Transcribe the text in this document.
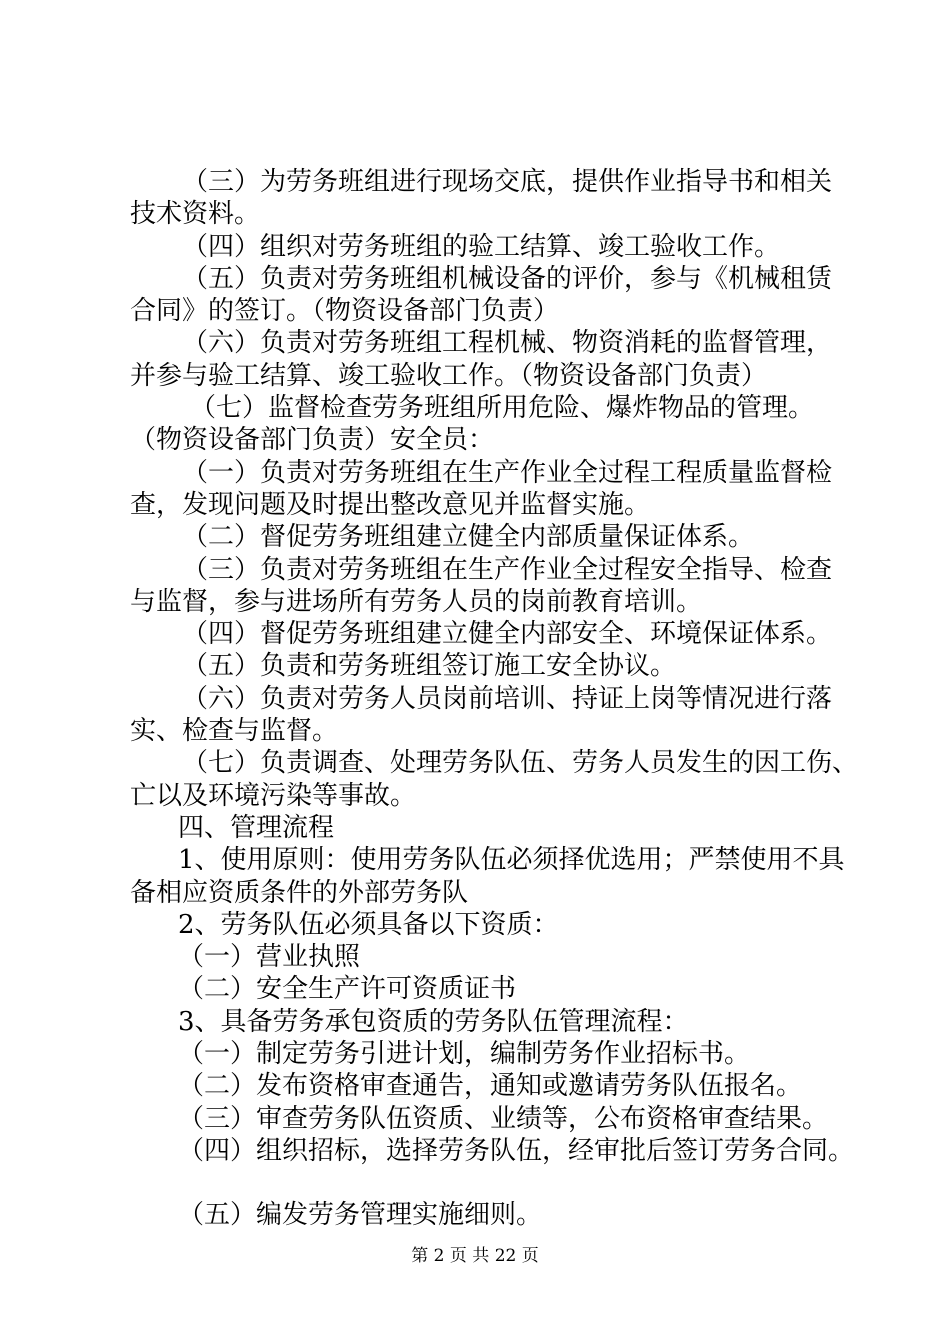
（三）为劳务班组进行现场交底，提供作业指导书和相关
技术资料。
（四）组织对劳务班组的验工结算、竣工验收工作。
（五）负责对劳务班组机械设备的评价，参与《机械租赁
合同》的签订。（物资设备部门负责）
（六）负责对劳务班组工程机械、物资消耗的监督管理，
并参与验工结算、竣工验收工作。（物资设备部门负责）
（七）监督检查劳务班组所用危险、爆炸物品的管理。
（物资设备部门负责）安全员：
（一）负责对劳务班组在生产作业全过程工程质量监督检
查，发现问题及时提出整改意见并监督实施。
（二）督促劳务班组建立健全内部质量保证体系。
（三）负责对劳务班组在生产作业全过程安全指导、检查
与监督，参与进场所有劳务人员的岗前教育培训。
（四）督促劳务班组建立健全内部安全、环境保证体系。
（五）负责和劳务班组签订施工安全协议。
（六）负责对劳务人员岗前培训、持证上岗等情况进行落
实、检查与监督。
（七）负责调查、处理劳务队伍、劳务人员发生的因工伤、
亡以及环境污染等事故。
四、管理流程
1、使用原则：使用劳务队伍必须择优选用；严禁使用不具
备相应资质条件的外部劳务队
2、劳务队伍必须具备以下资质：
（一）营业执照
（二）安全生产许可资质证书
3、具备劳务承包资质的劳务队伍管理流程：
（一）制定劳务引进计划，编制劳务作业招标书。
（二）发布资格审查通告，通知或邀请劳务队伍报名。
（三）审查劳务队伍资质、业绩等，公布资格审查结果。
（四）组织招标，选择劳务队伍，经审批后签订劳务合同。
（五）编发劳务管理实施细则。
第 2 页 共 22 页
